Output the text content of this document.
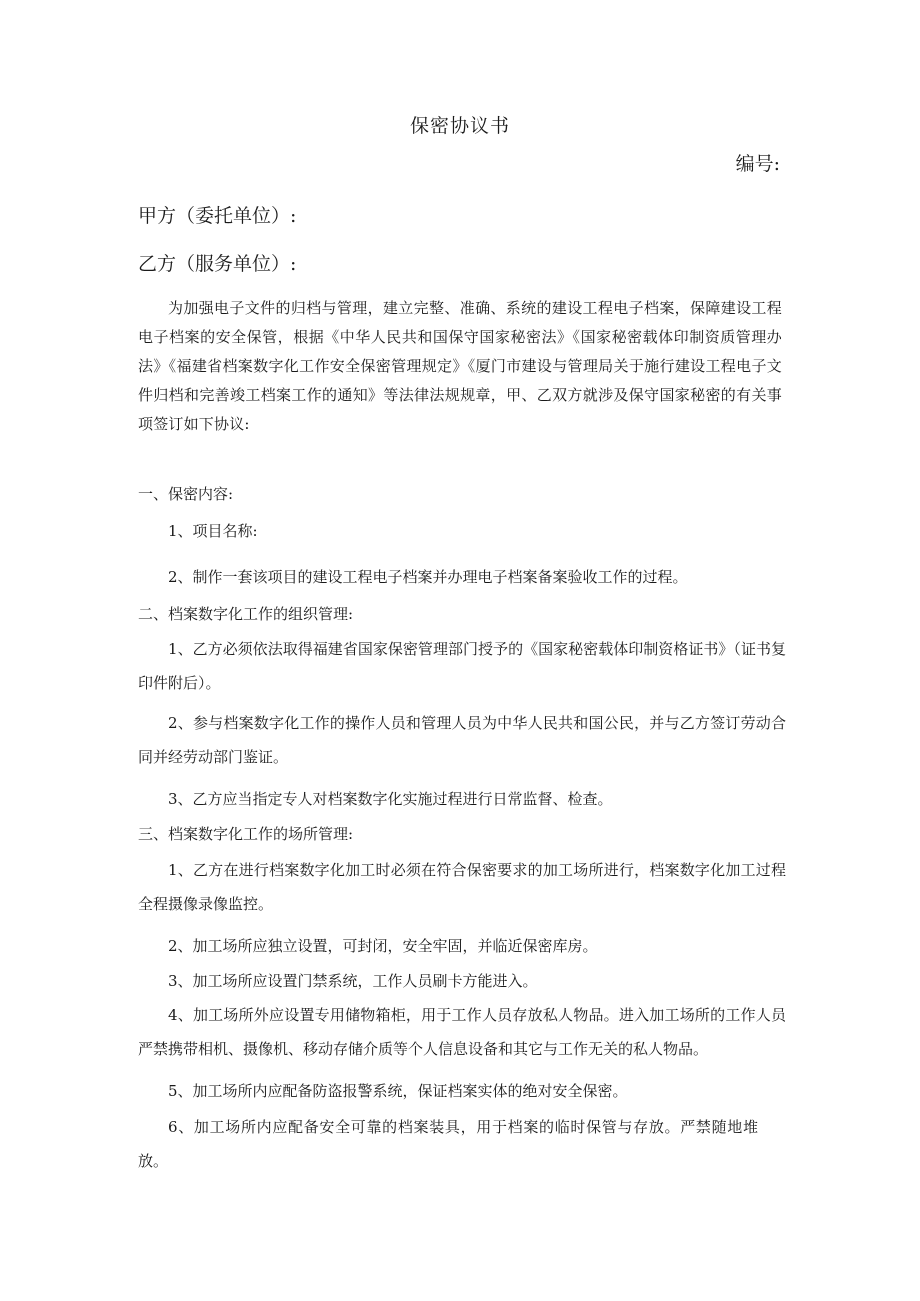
保密协议书
编号:
甲方（委托单位）:
乙方（服务单位）:
为加强电子文件的归档与管理，建立完整、准确、系统的建设工程电子档案，保障建设工程电子档案的安全保管，根据《中华人民共和国保守国家秘密法》《国家秘密载体印制资质管理办法》《福建省档案数字化工作安全保密管理规定》《厦门市建设与管理局关于施行建设工程电子文件归档和完善竣工档案工作的通知》等法律法规规章，甲、乙双方就涉及保守国家秘密的有关事项签订如下协议:
一、保密内容:
1、项目名称:
2、制作一套该项目的建设工程电子档案并办理电子档案备案验收工作的过程。
二、档案数字化工作的组织管理:
1、乙方必须依法取得福建省国家保密管理部门授予的《国家秘密载体印制资格证书》（证书复印件附后）。
2、参与档案数字化工作的操作人员和管理人员为中华人民共和国公民，并与乙方签订劳动合同并经劳动部门鉴证。
3、乙方应当指定专人对档案数字化实施过程进行日常监督、检查。
三、档案数字化工作的场所管理:
1、乙方在进行档案数字化加工时必须在符合保密要求的加工场所进行，档案数字化加工过程全程摄像录像监控。
2、加工场所应独立设置，可封闭，安全牢固，并临近保密库房。
3、加工场所应设置门禁系统，工作人员刷卡方能进入。
4、加工场所外应设置专用储物箱柜，用于工作人员存放私人物品。进入加工场所的工作人员严禁携带相机、摄像机、移动存储介质等个人信息设备和其它与工作无关的私人物品。
5、加工场所内应配备防盗报警系统，保证档案实体的绝对安全保密。
6、加工场所内应配备安全可靠的档案装具，用于档案的临时保管与存放。严禁随地堆放。
